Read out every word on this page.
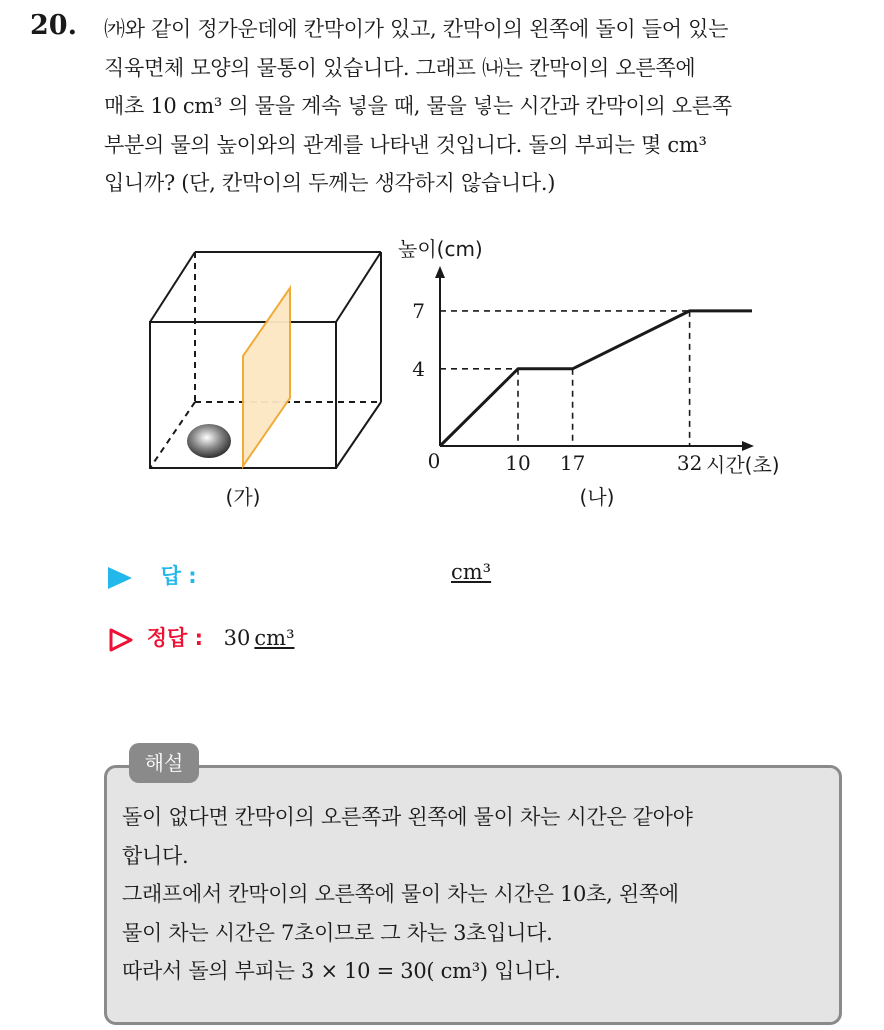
20. ㈎와 같이 정가운데에 칸막이가 있고, 칸막이의 왼쪽에 돌이 들어 있는
직육면체 모양의 물통이 있습니다. 그래프 ㈏는 칸막이의 오른쪽에
매초 10 cm³ 의 물을 계속 넣을 때, 물을 넣는 시간과 칸막이의 오른쪽
부분의 물의 높이와의 관계를 나타낸 것입니다. 돌의 부피는 몇 cm³
입니까? (단, 칸막이의 두께는 생각하지 않습니다.)
(가)
0	10 17	32
4
7
높이(cm)
시간(초)
(나)
답 :	cm³
정답 : 30 cm³
해설
돌이 없다면 칸막이의 오른쪽과 왼쪽에 물이 차는 시간은 같아야
합니다.
그래프에서 칸막이의 오른쪽에 물이 차는 시간은 10초, 왼쪽에
물이 차는 시간은 7초이므로 그 차는 3초입니다.
따라서 돌의 부피는 3 × 10 = 30( cm³) 입니다.
